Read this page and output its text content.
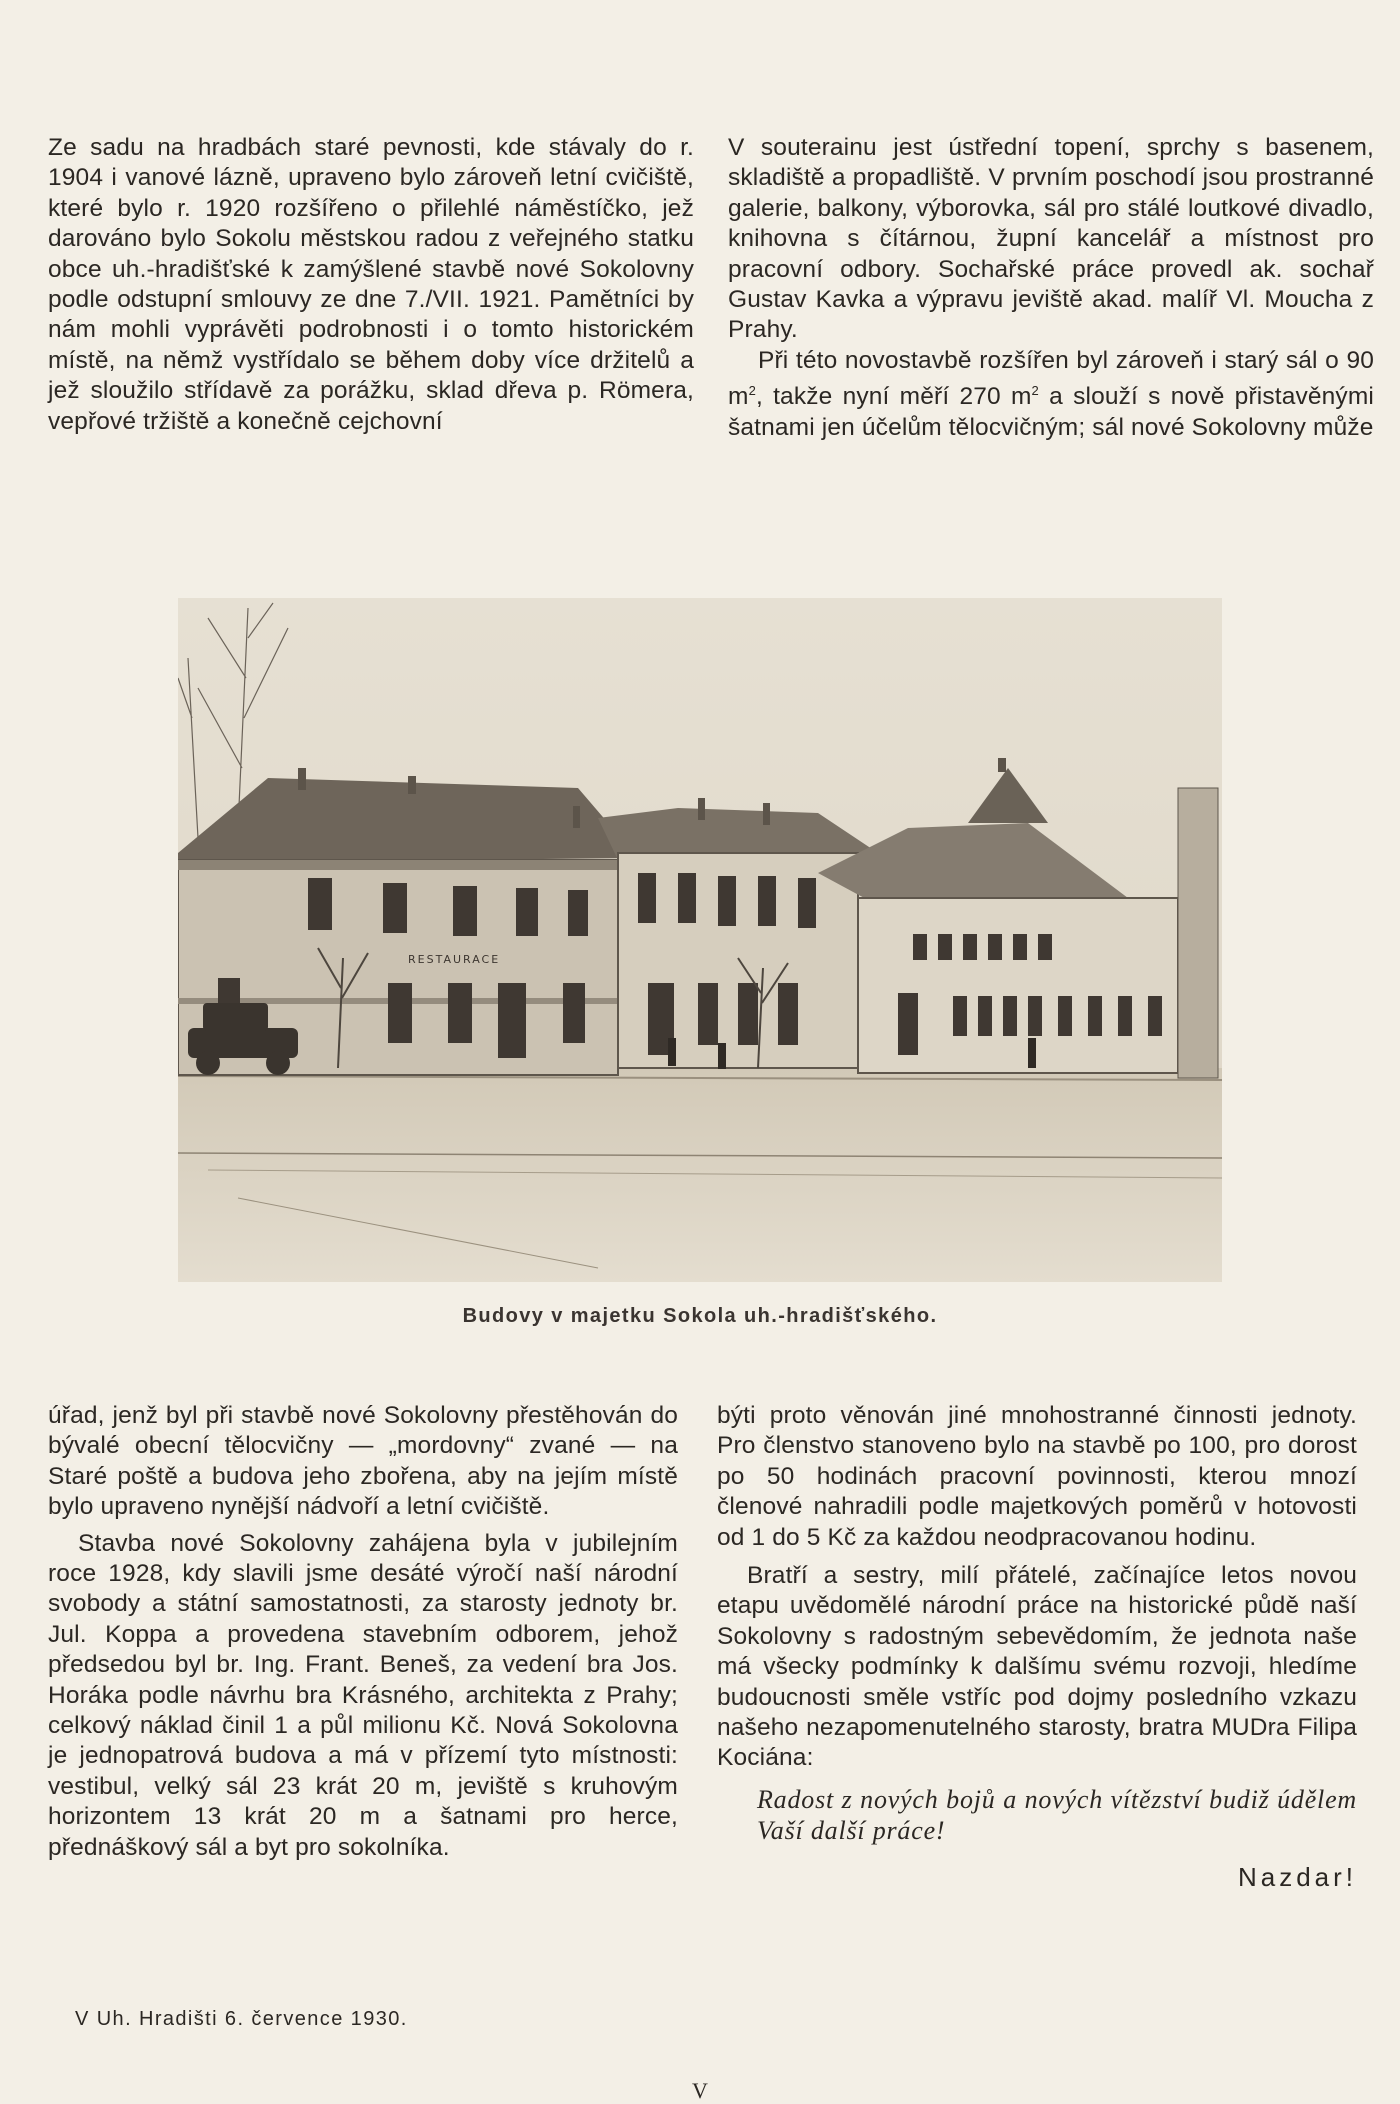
Ze sadu na hradbách staré pevnosti, kde stávaly do r. 1904 i vanové lázně, upraveno bylo zároveň letní cvičiště, které bylo r. 1920 rozšířeno o přilehlé náměstíčko, jež darováno bylo Sokolu městskou radou z veřejného statku obce uh.-hradišťské k zamýšlené stavbě nové Sokolovny podle odstupní smlouvy ze dne 7./VII. 1921. Pamětníci by nám mohli vyprávěti podrobnosti i o tomto historickém místě, na němž vystřídalo se během doby více držitelů a jež sloužilo střídavě za porážku, sklad dřeva p. Römera, vepřové tržiště a konečně cejchovní

V souterainu jest ústřední topení, sprchy s basenem, skladiště a propadliště. V prvním poschodí jsou prostranné galerie, balkony, výborovka, sál pro stálé loutkové divadlo, knihovna s čítárnou, župní kancelář a místnost pro pracovní odbory. Sochařské práce provedl ak. sochař Gustav Kavka a výpravu jeviště akad. malíř Vl. Moucha z Prahy.

Při této novostavbě rozšířen byl zároveň i starý sál o 90 $m^2$, takže nyní měří 270 $m^2$ a slouží s nově přistavěnými šatnami jen účelům tělocvičným; sál nové Sokolovny může

RESTAURACE
Budovy v majetku Sokola uh.-hradišťského.

úřad, jenž byl při stavbě nové Sokolovny přestěhován do bývalé obecní tělocvičny — „mordovny“ zvané — na Staré poště a budova jeho zbořena, aby na jejím místě bylo upraveno nynější nádvoří a letní cvičiště.

Stavba nové Sokolovny zahájena byla v jubilejním roce 1928, kdy slavili jsme desáté výročí naší národní svobody a státní samostatnosti, za starosty jednoty br. Jul. Koppa a provedena stavebním odborem, jehož předsedou byl br. Ing. Frant. Beneš, za vedení bra Jos. Horáka podle návrhu bra Krásného, architekta z Prahy; celkový náklad činil 1 a půl milionu Kč. Nová Sokolovna je jednopatrová budova a má v přízemí tyto místnosti: vestibul, velký sál 23 krát 20 m, jeviště s kruhovým horizontem 13 krát 20 m a šatnami pro herce, přednáškový sál a byt pro sokolníka.

býti proto věnován jiné mnohostranné činnosti jednoty. Pro členstvo stanoveno bylo na stavbě po 100, pro dorost po 50 hodinách pracovní povinnosti, kterou mnozí členové nahradili podle majetkových poměrů v hotovosti od 1 do 5 Kč za každou neodpracovanou hodinu.

Bratří a sestry, milí přátelé, začínajíce letos novou etapu uvědomělé národní práce na historické půdě naší Sokolovny s radostným sebevědomím, že jednota naše má všecky podmínky k dalšímu svému rozvoji, hledíme budoucnosti směle vstříc pod dojmy posledního vzkazu našeho nezapomenutelného starosty, bratra MUDra Filipa Kociána:

Radost z nových bojů a nových vítězství budiž údělem Vaší další práce!

Nazdar!

V Uh. Hradišti 6. července 1930.
V
